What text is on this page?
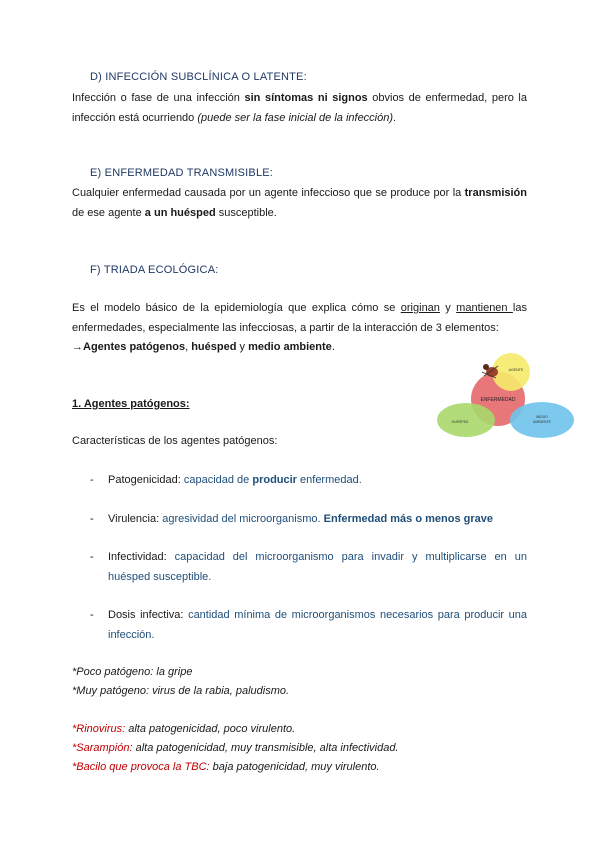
D) INFECCIÓN SUBCLÍNICA O LATENTE:
Infección o fase de una infección sin síntomas ni signos obvios de enfermedad, pero la infección está ocurriendo (puede ser la fase inicial de la infección).
E) ENFERMEDAD TRANSMISIBLE:
Cualquier enfermedad causada por un agente infeccioso que se produce por la transmisión de ese agente a un huésped susceptible.
F) TRIADA ECOLÓGICA:
Es el modelo básico de la epidemiología que explica cómo se originan y mantienen las enfermedades, especialmente las infecciosas, a partir de la interacción de 3 elementos:
→Agentes patógenos, huésped y medio ambiente.
ENFERMEDAD
AGENTE
HUÉSPED
MEDIO
AMBIENTE
1. Agentes patógenos:
Características de los agentes patógenos:
- Patogenicidad: capacidad de producir enfermedad.
- Virulencia: agresividad del microorganismo. Enfermedad más o menos grave
- Infectividad: capacidad del microorganismo para invadir y multiplicarse en un huésped susceptible.
- Dosis infectiva: cantidad mínima de microorganismos necesarios para producir una infección.
*Poco patógeno: la gripe
*Muy patógeno: virus de la rabia, paludismo.
*Rinovirus: alta patogenicidad, poco virulento.
*Sarampión: alta patogenicidad, muy transmisible, alta infectividad.
*Bacilo que provoca la TBC: baja patogenicidad, muy virulento.
